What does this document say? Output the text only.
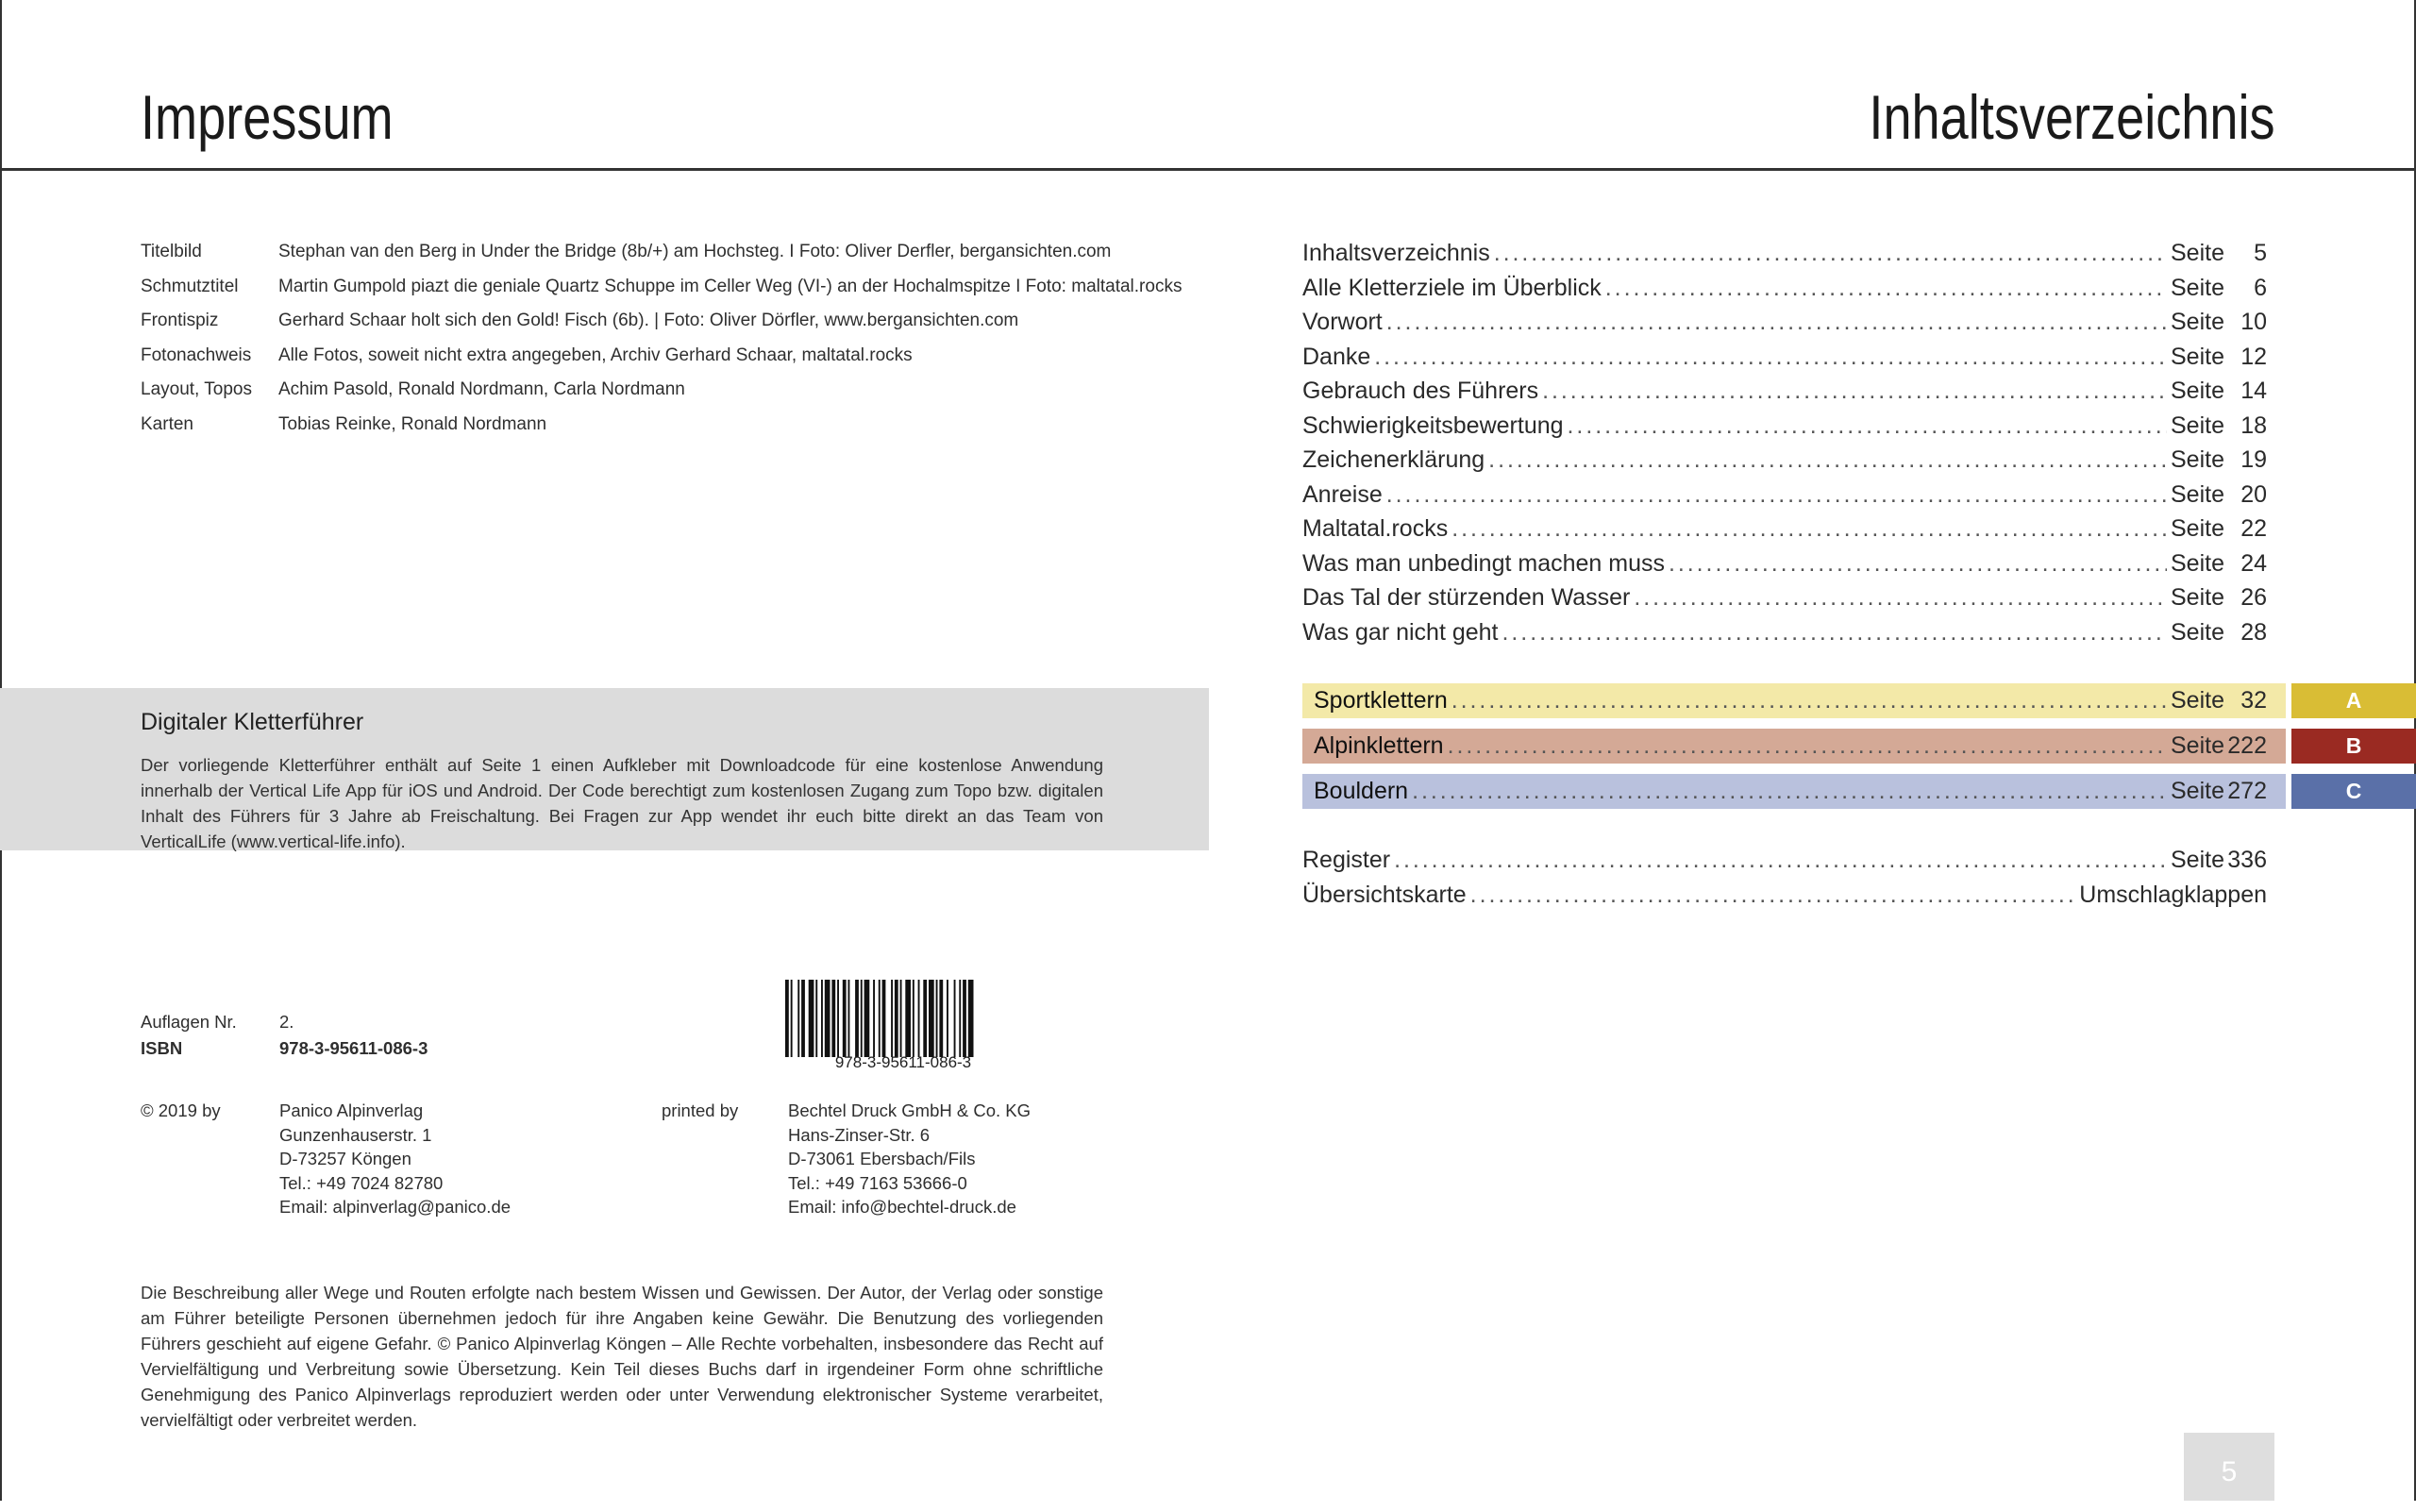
Impressum	Inhaltsverzeichnis
Titelbild	Stephan van den Berg in Under the Bridge (8b/+) am Hochsteg. I Foto: Oliver Derfler, bergansichten.com
Schmutztitel	Martin Gumpold piazt die geniale Quartz Schuppe im Celler Weg (VI-) an der Hochalmspitze I Foto: maltatal.rocks
Frontispiz	Gerhard Schaar holt sich den Gold! Fisch (6b). | Foto: Oliver Dörfler, www.bergansichten.com
Fotonachweis	Alle Fotos, soweit nicht extra angegeben, Archiv Gerhard Schaar, maltatal.rocks
Layout, Topos	Achim Pasold, Ronald Nordmann, Carla Nordmann
Karten	Tobias Reinke, Ronald Nordmann
Digitaler Kletterführer

Der vorliegende Kletterführer enthält auf Seite 1 einen Aufkleber mit Downloadcode für eine kostenlose Anwendung innerhalb der Vertical Life App für iOS und Android. Der Code berechtigt zum kostenlosen Zugang zum Topo bzw. digitalen Inhalt des Führers für 3 Jahre ab Freischaltung. Bei Fragen zur App wendet ihr euch bitte direkt an das Team von VerticalLife (www.vertical-life.info).

Auflagen Nr.	2.
ISBN	978-3-95611-086-3
978-3-95611-086-3
© 2019 by	Panico Alpinverlag
Gunzenhauserstr. 1
D-73257 Köngen
Tel.: +49 7024 82780
Email: alpinverlag@panico.de
printed by	Bechtel Druck GmbH & Co. KG
Hans-Zinser-Str. 6
D-73061 Ebersbach/Fils
Tel.: +49 7163 53666-0
Email: info@bechtel-druck.de

Die Beschreibung aller Wege und Routen erfolgte nach bestem Wissen und Gewissen. Der Autor, der Verlag oder sonstige am Führer beteiligte Personen übernehmen jedoch für ihre Angaben keine Gewähr. Die Benutzung des vorliegenden Führers geschieht auf eigene Gefahr. © Panico Alpinverlag Köngen – Alle Rechte vorbehalten, insbesondere das Recht auf Vervielfältigung und Verbreitung sowie Übersetzung. Kein Teil dieses Buchs darf in irgendeiner Form ohne schriftliche Genehmigung des Panico Alpinverlags reproduziert werden oder unter Verwendung elektronischer Systeme verarbeitet, vervielfältigt oder verbreitet werden.

Inhaltsverzeichnis . . .	Seite	5
Alle Kletterziele im Überblick . . .	Seite	6
Vorwort . . .	Seite 10
Danke . . .	Seite 12
Gebrauch des Führers . . .	Seite 14
Schwierigkeitsbewertung . . .	Seite 18
Zeichenerklärung . . .	Seite 19
Anreise . . .	Seite 20
Maltatal.rocks . . .	Seite 22
Was man unbedingt machen muss . . .	Seite 24
Das Tal der stürzenden Wasser . . .	Seite 26
Was gar nicht geht . . .	Seite 28
Sportklettern . . .	Seite 32	A
Alpinklettern . . .	Seite 222	B
Bouldern . . .	Seite 272	C
Register . . .	Seite 336
Übersichtskarte . . .	Umschlagklappen
5
